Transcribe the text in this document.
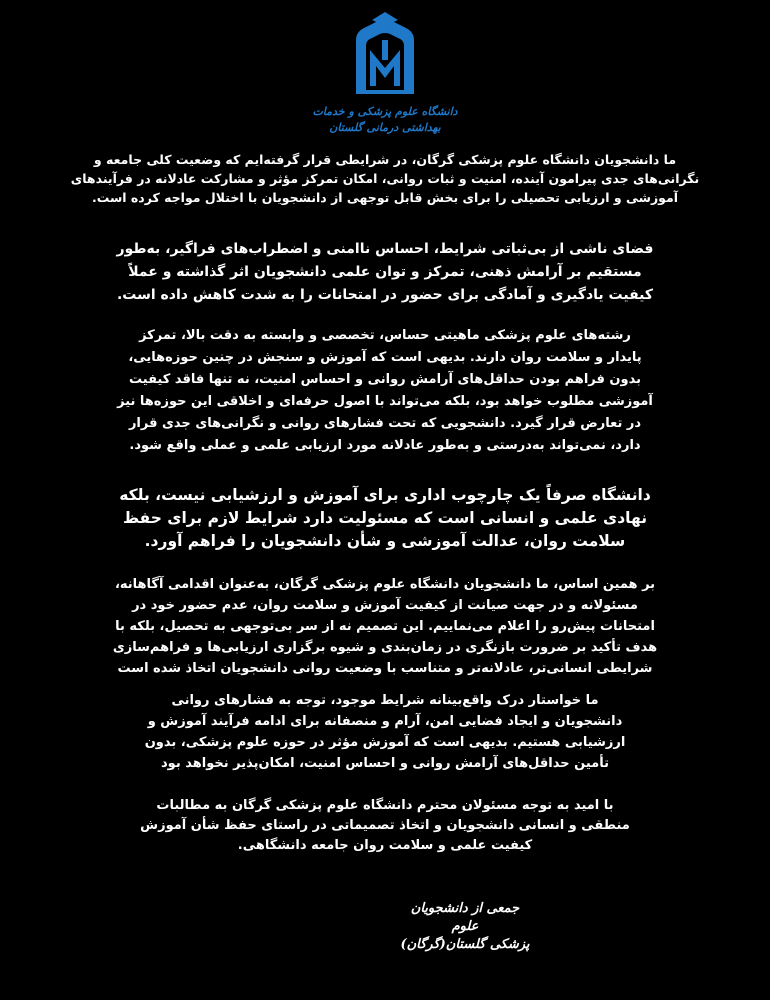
دانشگاه علوم پزشکی و خدمات
بهداشتی درمانی گلستان
ما دانشجویان دانشگاه علوم پزشکی گرگان، در شرایطی قرار گرفته‌ایم که وضعیت کلی جامعه و
نگرانی‌های جدی پیرامون آینده، امنیت و ثبات روانی، امکان تمرکز مؤثر و مشارکت عادلانه در فرآیندهای
آموزشی و ارزیابی تحصیلی را برای بخش قابل توجهی از دانشجویان با اختلال مواجه کرده است.
فضای ناشی از بی‌ثباتی شرایط، احساس ناامنی و اضطراب‌های فراگیر، به‌طور
مستقیم بر آرامش ذهنی، تمرکز و توان علمی دانشجویان اثر گذاشته و عملاً
کیفیت یادگیری و آمادگی برای حضور در امتحانات را به شدت کاهش داده است.
رشته‌های علوم پزشکی ماهیتی حساس، تخصصی و وابسته به دقت بالا، تمرکز
پایدار و سلامت روان دارند. بدیهی است که آموزش و سنجش در چنین حوزه‌هایی،
بدون فراهم بودن حداقل‌های آرامش روانی و احساس امنیت، نه تنها فاقد کیفیت
آموزشی مطلوب خواهد بود، بلکه می‌تواند با اصول حرفه‌ای و اخلاقی این حوزه‌ها نیز
در تعارض قرار گیرد. دانشجویی که تحت فشارهای روانی و نگرانی‌های جدی قرار
دارد، نمی‌تواند به‌درستی و به‌طور عادلانه مورد ارزیابی علمی و عملی واقع شود.
دانشگاه صرفاً یک چارچوب اداری برای آموزش و ارزشیابی نیست، بلکه
نهادی علمی و انسانی است که مسئولیت دارد شرایط لازم برای حفظ
سلامت روان، عدالت آموزشی و شأن دانشجویان را فراهم آورد.
بر همین اساس، ما دانشجویان دانشگاه علوم پزشکی گرگان، به‌عنوان اقدامی آگاهانه،
مسئولانه و در جهت صیانت از کیفیت آموزش و سلامت روان، عدم حضور خود در
امتحانات پیش‌رو را اعلام می‌نماییم. این تصمیم نه از سر بی‌توجهی به تحصیل، بلکه با
هدف تأکید بر ضرورت بازنگری در زمان‌بندی و شیوه برگزاری ارزیابی‌ها و فراهم‌سازی
شرایطی انسانی‌تر، عادلانه‌تر و متناسب با وضعیت روانی دانشجویان اتخاذ شده است
ما خواستار درک واقع‌بینانه شرایط موجود، توجه به فشارهای روانی
دانشجویان و ایجاد فضایی امن، آرام و منصفانه برای ادامه فرآیند آموزش و
ارزشیابی هستیم. بدیهی است که آموزش مؤثر در حوزه علوم پزشکی، بدون
تأمین حداقل‌های آرامش روانی و احساس امنیت، امکان‌پذیر نخواهد بود
با امید به توجه مسئولان محترم دانشگاه علوم پزشکی گرگان به مطالبات
منطقی و انسانی دانشجویان و اتخاذ تصمیماتی در راستای حفظ شأن آموزش
کیفیت علمی و سلامت روان جامعه دانشگاهی.
جمعی از دانشجویان علوم
پزشکی گلستان(گرگان)
